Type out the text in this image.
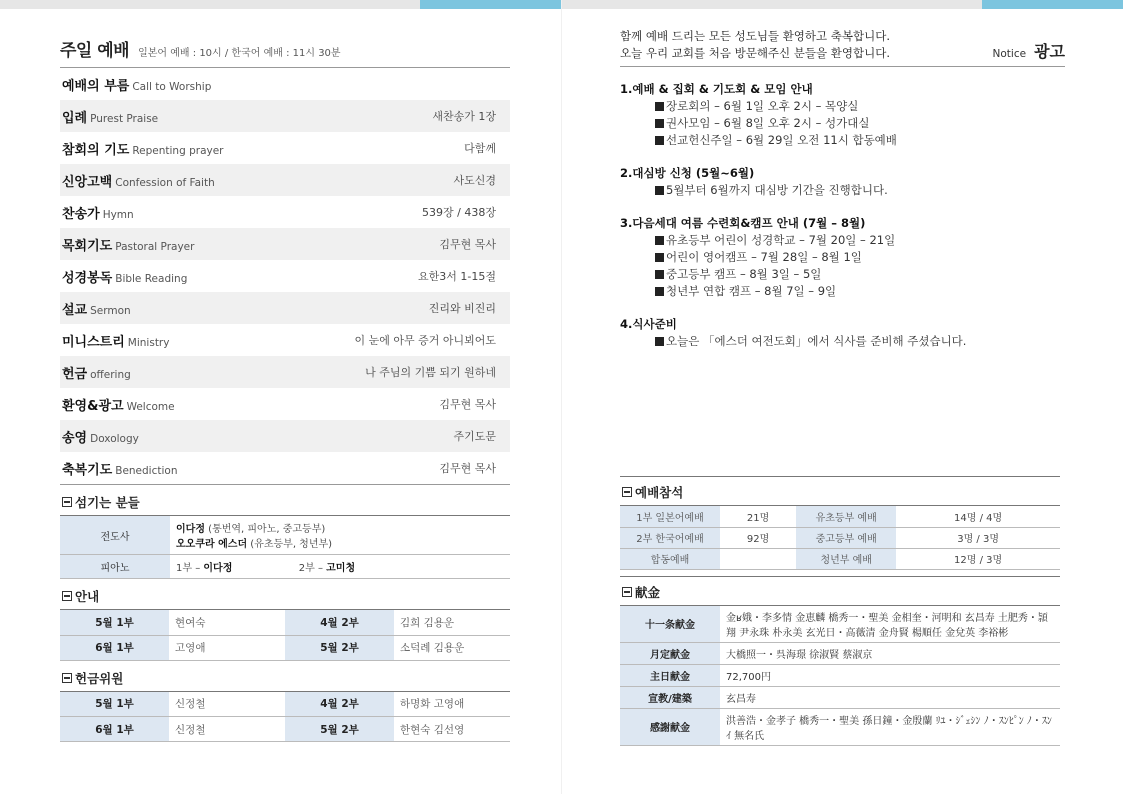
주일 예배 일본어 예배 : 10시 / 한국어 예배 : 11시 30분
예배의 부름 Call to Worship
입례 Purest Praise	새찬송가 1장
참회의 기도 Repenting prayer	다함께
신앙고백 Confession of Faith	사도신경
찬송가 Hymn	539장 / 438장
목회기도 Pastoral Prayer	김무현 목사
성경봉독 Bible Reading	요한3서 1-15절
설교 Sermon	진리와 비진리
미니스트리 Ministry	이 눈에 아무 증거 아니뵈어도
헌금 offering	나 주님의 기쁨 되기 원하네
환영&광고 Welcome	김무현 목사
송영 Doxology	주기도문
축복기도 Benediction	김무현 목사
섬기는 분들
전도사	이다정 (통번역, 피아노, 중고등부)
오오쿠라 에스더 (유초등부, 청년부)
피아노	1부 – 이다정 2부 – 고미청
안내
5월 1부	현여숙	4월 2부	김희 김용운
6월 1부	고영애	5월 2부	소덕례 김용운
헌금위원
5월 1부	신정철	4월 2부	하명화 고영애
6월 1부	신정철	5월 2부	한현숙 김선영
함께 예배 드리는 모든 성도님들 환영하고 축복합니다.
오늘 우리 교회를 처음 방문해주신 분들을 환영합니다.	Notice 광고
1.예배 & 집회 & 기도회 & 모임 안내
장로회의 – 6월 1일 오후 2시 – 목양실
권사모임 – 6월 8일 오후 2시 – 성가대실
선교헌신주일 – 6월 29일 오전 11시 합동예배
2.대심방 신청 (5월~6월)
5월부터 6월까지 대심방 기간을 진행합니다.
3.다음세대 여름 수련회&캠프 안내 (7월 – 8월)
유초등부 어린이 성경학교 – 7월 20일 – 21일
어린이 영어캠프 – 7월 28일 – 8월 1일
중고등부 캠프 – 8월 3일 – 5일
청년부 연합 캠프 – 8월 7일 – 9일
4.식사준비
오늘은 「에스더 여전도회」에서 식사를 준비해 주셨습니다.
예배참석
1부 일본어예배	21명	유초등부 예배	14명 / 4명
2부 한국어예배	92명	중고등부 예배	3명 / 3명
합동예배		청년부 예배	12명 / 3명
献金
十一条献金	金ʁ娥・李多情 金恵麟 橋秀一・聖美 金相奎・河明和 玄昌寿 土肥秀・頴翔 尹永珠 朴永美 玄光日・高薇清 金舟賢 楊順任 金兌英 李裕彬
月定献金	大橋照一・呉海璟 徐淑賢 蔡淑京
主日献金	72,700円
宣教/建築	玄昌寿
感謝献金	洪善浩・金孝子 橋秀一・聖美 孫日鐘・金殷蘭 ﾘﾕ・ｼﾞｪｼﾝ ﾉ・ｽﾝﾋﾟﾝ ﾉ・ｽﾝｲ 無名氏
